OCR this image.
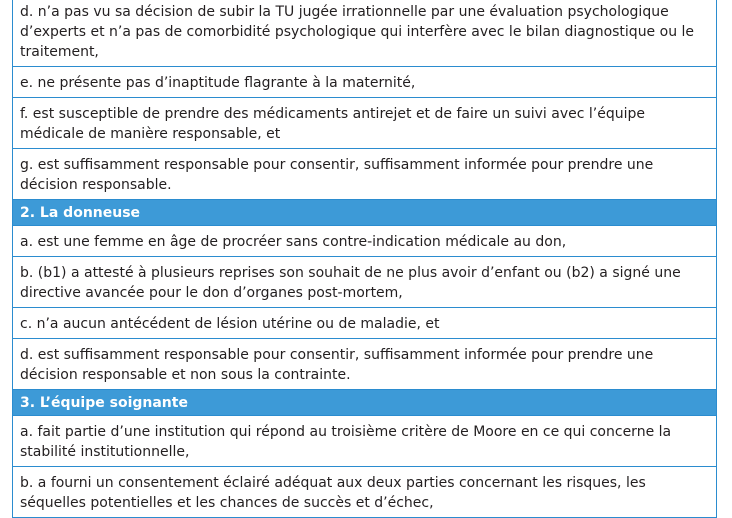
d. n’a pas vu sa décision de subir la TU jugée irrationnelle par une évaluation psychologique d’experts et n’a pas de comorbidité psychologique qui interfère avec le bilan diagnostique ou le traitement,
e. ne présente pas d’inaptitude flagrante à la maternité,
f. est susceptible de prendre des médicaments antirejet et de faire un suivi avec l’équipe médicale de manière responsable, et
g. est suffisamment responsable pour consentir, suffisamment informée pour prendre une décision responsable.
2. La donneuse
a. est une femme en âge de procréer sans contre-indication médicale au don,
b. (b1) a attesté à plusieurs reprises son souhait de ne plus avoir d’enfant ou (b2) a signé une directive avancée pour le don d’organes post-mortem,
c. n’a aucun antécédent de lésion utérine ou de maladie, et
d. est suffisamment responsable pour consentir, suffisamment informée pour prendre une décision responsable et non sous la contrainte.
3. L’équipe soignante
a. fait partie d’une institution qui répond au troisième critère de Moore en ce qui concerne la stabilité institutionnelle,
b. a fourni un consentement éclairé adéquat aux deux parties concernant les risques, les séquelles potentielles et les chances de succès et d’échec,
